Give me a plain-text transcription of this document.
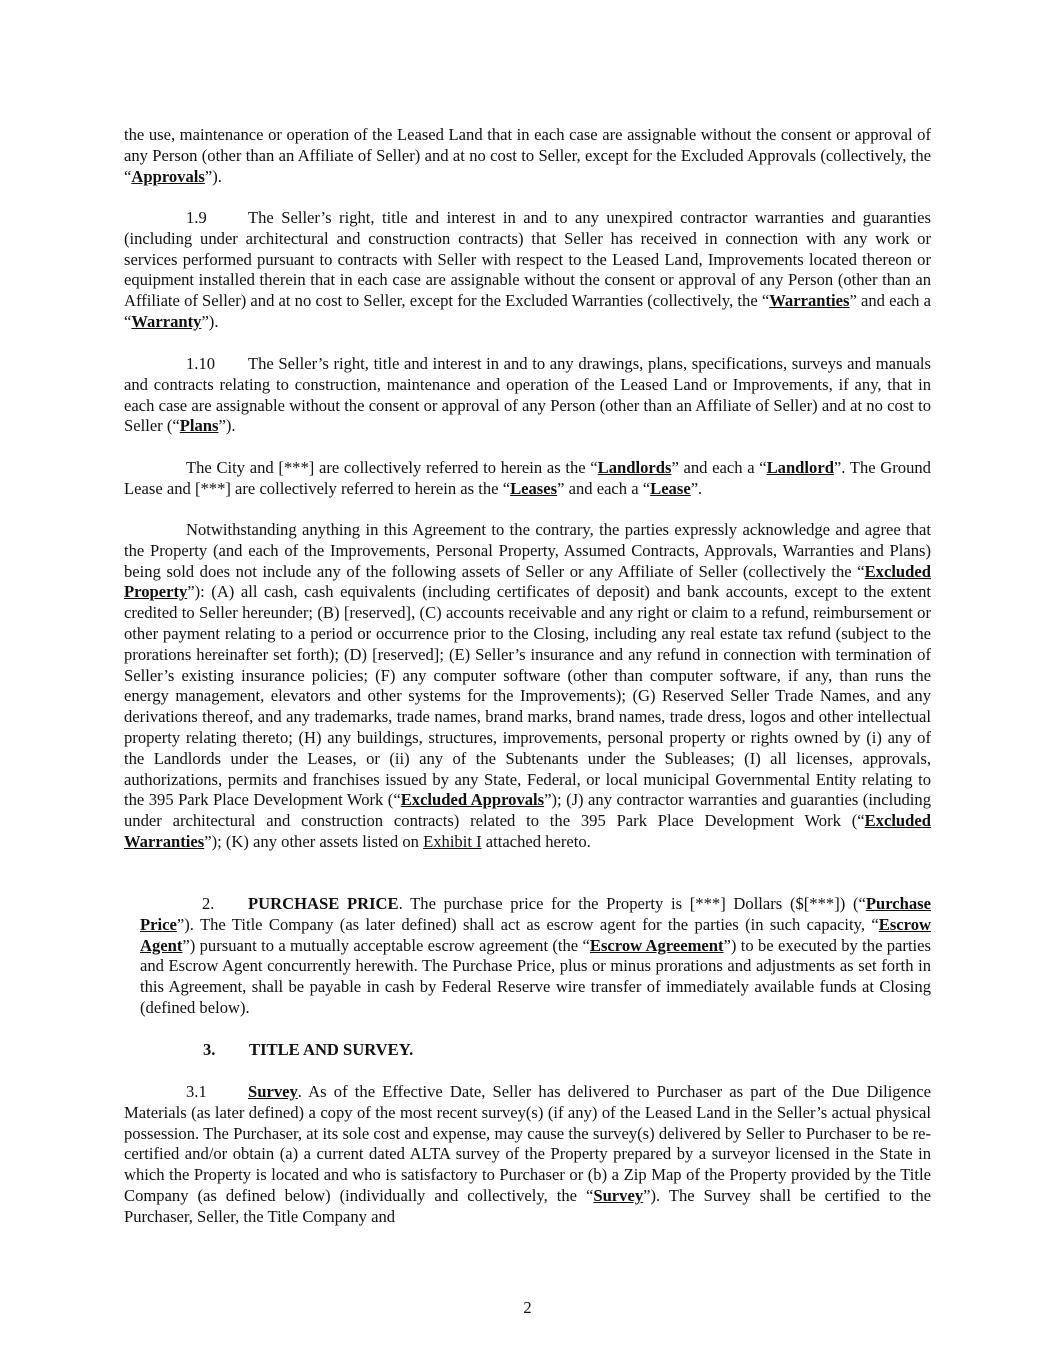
the use, maintenance or operation of the Leased Land that in each case are assignable without the consent or approval of any Person (other than an Affiliate of Seller) and at no cost to Seller, except for the Excluded Approvals (collectively, the “Approvals”).

1.9 The Seller’s right, title and interest in and to any unexpired contractor warranties and guaranties (including under architectural and construction contracts) that Seller has received in connection with any work or services performed pursuant to contracts with Seller with respect to the Leased Land, Improvements located thereon or equipment installed therein that in each case are assignable without the consent or approval of any Person (other than an Affiliate of Seller) and at no cost to Seller, except for the Excluded Warranties (collectively, the “Warranties” and each a “Warranty”).

1.10 The Seller’s right, title and interest in and to any drawings, plans, specifications, surveys and manuals and contracts relating to construction, maintenance and operation of the Leased Land or Improvements, if any, that in each case are assignable without the consent or approval of any Person (other than an Affiliate of Seller) and at no cost to Seller (“Plans”).

The City and [***] are collectively referred to herein as the “Landlords” and each a “Landlord”. The Ground Lease and [***] are collectively referred to herein as the “Leases” and each a “Lease”.

Notwithstanding anything in this Agreement to the contrary, the parties expressly acknowledge and agree that the Property (and each of the Improvements, Personal Property, Assumed Contracts, Approvals, Warranties and Plans) being sold does not include any of the following assets of Seller or any Affiliate of Seller (collectively the “Excluded Property”): (A) all cash, cash equivalents (including certificates of deposit) and bank accounts, except to the extent credited to Seller hereunder; (B) [reserved], (C) accounts receivable and any right or claim to a refund, reimbursement or other payment relating to a period or occurrence prior to the Closing, including any real estate tax refund (subject to the prorations hereinafter set forth); (D) [reserved]; (E) Seller’s insurance and any refund in connection with termination of Seller’s existing insurance policies; (F) any computer software (other than computer software, if any, than runs the energy management, elevators and other systems for the Improvements); (G) Reserved Seller Trade Names, and any derivations thereof, and any trademarks, trade names, brand marks, brand names, trade dress, logos and other intellectual property relating thereto; (H) any buildings, structures, improvements, personal property or rights owned by (i) any of the Landlords under the Leases, or (ii) any of the Subtenants under the Subleases; (I) all licenses, approvals, authorizations, permits and franchises issued by any State, Federal, or local municipal Governmental Entity relating to the 395 Park Place Development Work (“Excluded Approvals”); (J) any contractor warranties and guaranties (including under architectural and construction contracts) related to the 395 Park Place Development Work (“Excluded Warranties”); (K) any other assets listed on Exhibit I attached hereto.

2. PURCHASE PRICE. The purchase price for the Property is [***] Dollars ($[***]) (“Purchase Price”). The Title Company (as later defined) shall act as escrow agent for the parties (in such capacity, “Escrow Agent”) pursuant to a mutually acceptable escrow agreement (the “Escrow Agreement”) to be executed by the parties and Escrow Agent concurrently herewith. The Purchase Price, plus or minus prorations and adjustments as set forth in this Agreement, shall be payable in cash by Federal Reserve wire transfer of immediately available funds at Closing (defined below).

3. TITLE AND SURVEY.

3.1 Survey. As of the Effective Date, Seller has delivered to Purchaser as part of the Due Diligence Materials (as later defined) a copy of the most recent survey(s) (if any) of the Leased Land in the Seller’s actual physical possession. The Purchaser, at its sole cost and expense, may cause the survey(s) delivered by Seller to Purchaser to be re-certified and/or obtain (a) a current dated ALTA survey of the Property prepared by a surveyor licensed in the State in which the Property is located and who is satisfactory to Purchaser or (b) a Zip Map of the Property provided by the Title Company (as defined below) (individually and collectively, the “Survey”). The Survey shall be certified to the Purchaser, Seller, the Title Company and

2
